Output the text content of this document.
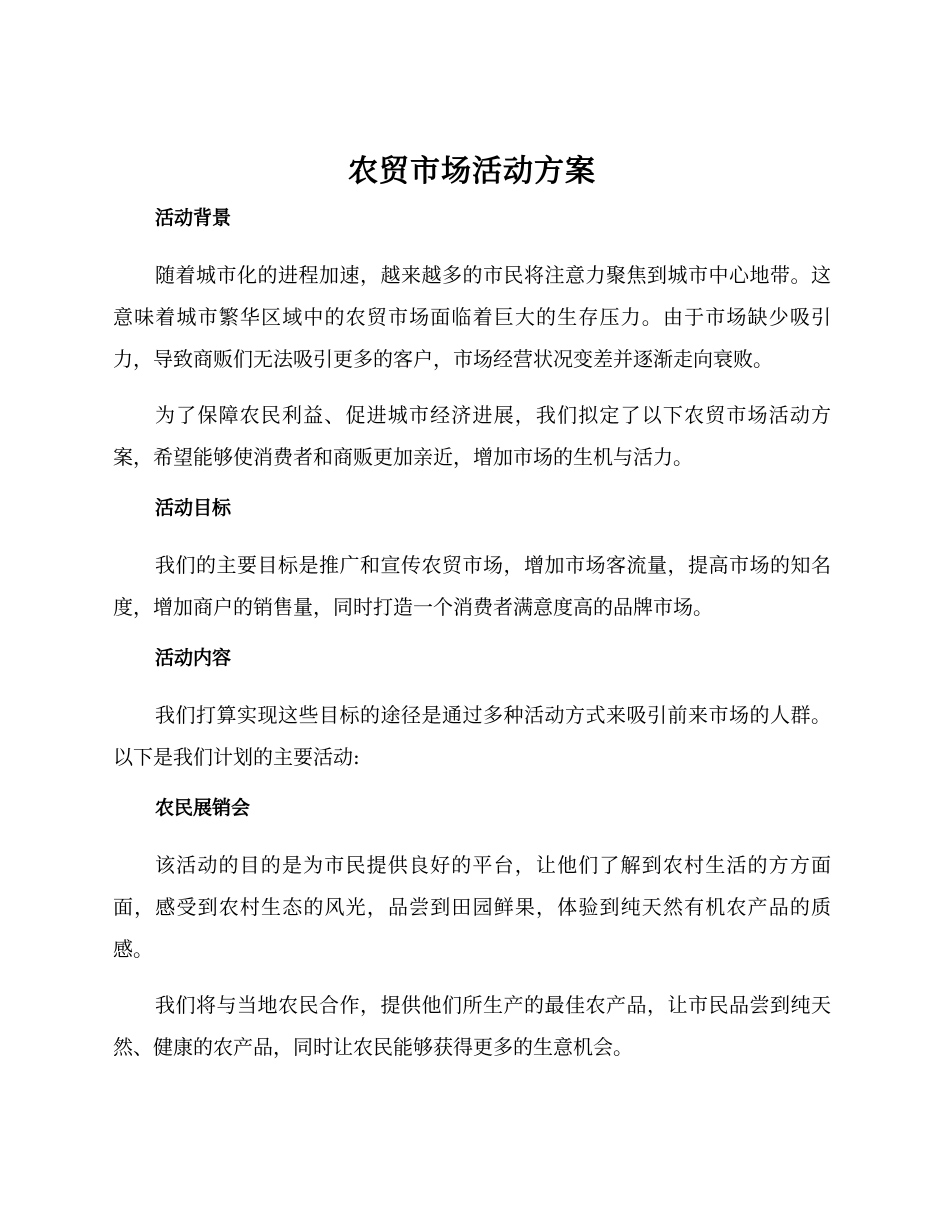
农贸市场活动方案
活动背景

随着城市化的进程加速，越来越多的市民将注意力聚焦到城市中心地带。这意味着城市繁华区域中的农贸市场面临着巨大的生存压力。由于市场缺少吸引力，导致商贩们无法吸引更多的客户，市场经营状况变差并逐渐走向衰败。

为了保障农民利益、促进城市经济进展，我们拟定了以下农贸市场活动方案，希望能够使消费者和商贩更加亲近，增加市场的生机与活力。

活动目标

我们的主要目标是推广和宣传农贸市场，增加市场客流量，提高市场的知名度，增加商户的销售量，同时打造一个消费者满意度高的品牌市场。

活动内容

我们打算实现这些目标的途径是通过多种活动方式来吸引前来市场的人群。以下是我们计划的主要活动:

农民展销会

该活动的目的是为市民提供良好的平台，让他们了解到农村生活的方方面面，感受到农村生态的风光，品尝到田园鲜果，体验到纯天然有机农产品的质感。

我们将与当地农民合作，提供他们所生产的最佳农产品，让市民品尝到纯天然、健康的农产品，同时让农民能够获得更多的生意机会。
